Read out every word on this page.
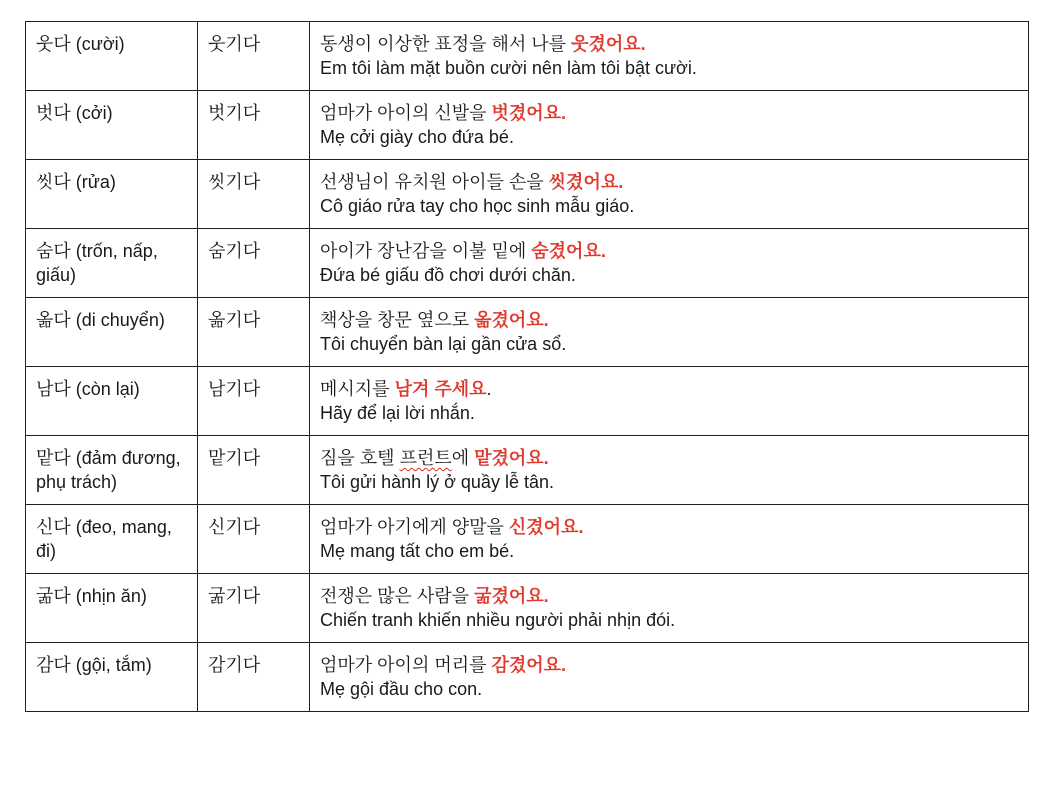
웃다 (cười)	웃기다	동생이 이상한 표정을 해서 나를 웃겼어요.
Em tôi làm mặt buồn cười nên làm tôi bật cười.

벗다 (cởi)	벗기다	엄마가 아이의 신발을 벗겼어요.
Mẹ cởi giày cho đứa bé.

씻다 (rửa)	씻기다	선생님이 유치원 아이들 손을 씻겼어요.
Cô giáo rửa tay cho học sinh mẫu giáo.

숨다 (trốn, nấp, giấu)	숨기다	아이가 장난감을 이불 밑에 숨겼어요.
Đứa bé giấu đồ chơi dưới chăn.

옮다 (di chuyển)	옮기다	책상을 창문 옆으로 옮겼어요.
Tôi chuyển bàn lại gần cửa sổ.

남다 (còn lại)	남기다	메시지를 남겨 주세요.
Hãy để lại lời nhắn.

맡다 (đảm đương, phụ trách)	맡기다	짐을 호텔 프런트에 맡겼어요.
Tôi gửi hành lý ở quầy lễ tân.

신다 (đeo, mang, đi)	신기다	엄마가 아기에게 양말을 신겼어요.
Mẹ mang tất cho em bé.

굶다 (nhịn ăn)	굶기다	전쟁은 많은 사람을 굶겼어요.
Chiến tranh khiến nhiều người phải nhịn đói.

감다 (gội, tắm)	감기다	엄마가 아이의 머리를 감겼어요.
Mẹ gội đầu cho con.
